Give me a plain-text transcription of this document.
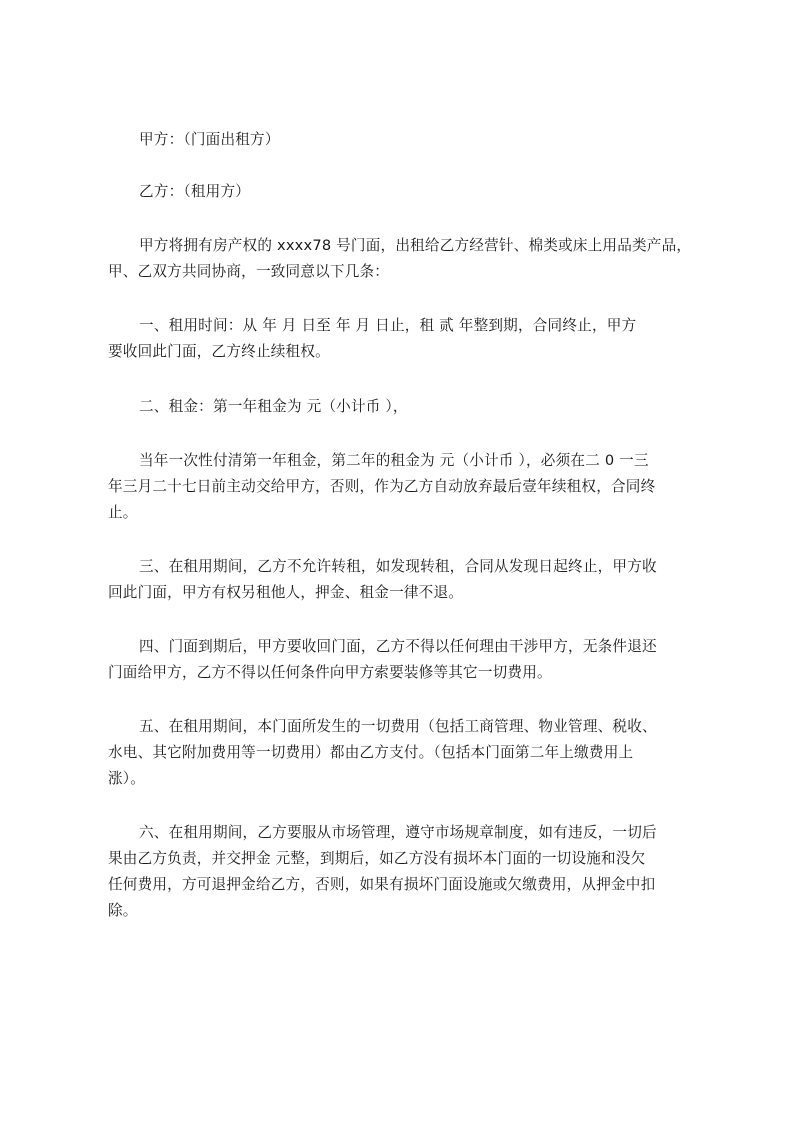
甲方：（门面出租方）

乙方：（租用方）

甲方将拥有房产权的 xxxx78 号门面，出租给乙方经营针、棉类或床上用品类产品，
甲、乙双方共同协商，一致同意以下几条：

一、租用时间：从 年 月 日至 年 月 日止，租 贰 年整到期，合同终止，甲方
要收回此门面，乙方终止续租权。

二、租金：第一年租金为 元（小计币 ），

当年一次性付清第一年租金，第二年的租金为 元（小计币 ），必须在二 0 一三
年三月二十七日前主动交给甲方，否则，作为乙方自动放弃最后壹年续租权，合同终
止。

三、在租用期间，乙方不允许转租，如发现转租，合同从发现日起终止，甲方收
回此门面，甲方有权另租他人，押金、租金一律不退。

四、门面到期后，甲方要收回门面，乙方不得以任何理由干涉甲方，无条件退还
门面给甲方，乙方不得以任何条件向甲方索要装修等其它一切费用。

五、在租用期间，本门面所发生的一切费用（包括工商管理、物业管理、税收、
水电、其它附加费用等一切费用）都由乙方支付。（包括本门面第二年上缴费用上
涨）。

六、在租用期间，乙方要服从市场管理，遵守市场规章制度，如有违反，一切后
果由乙方负责，并交押金 元整，到期后，如乙方没有损坏本门面的一切设施和没欠
任何费用，方可退押金给乙方，否则，如果有损坏门面设施或欠缴费用，从押金中扣
除。
